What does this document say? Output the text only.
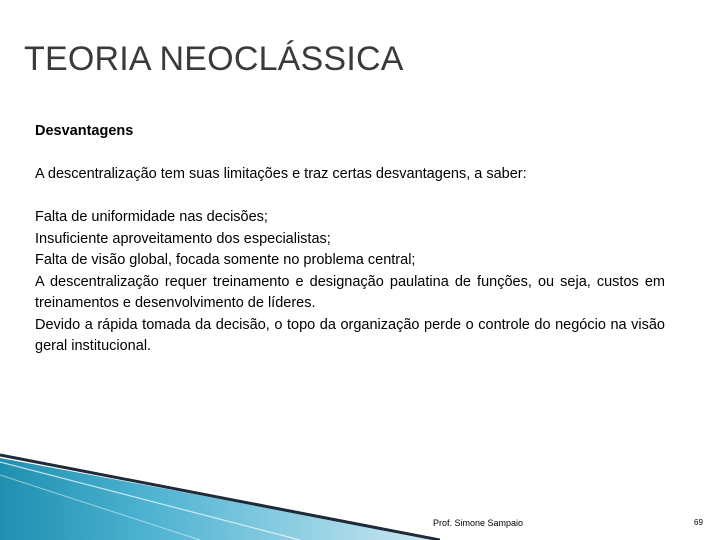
TEORIA NEOCLÁSSICA
Desvantagens
A descentralização tem suas limitações e traz certas desvantagens, a saber:

Falta de uniformidade nas decisões;

Insuficiente aproveitamento dos especialistas;

Falta de visão global, focada somente no problema central;

A descentralização requer treinamento e designação paulatina de funções, ou seja, custos em treinamentos e desenvolvimento de líderes.

Devido a rápida tomada da decisão, o topo da organização perde o controle do negócio na visão geral institucional.

Prof. Simone Sampaio	69
